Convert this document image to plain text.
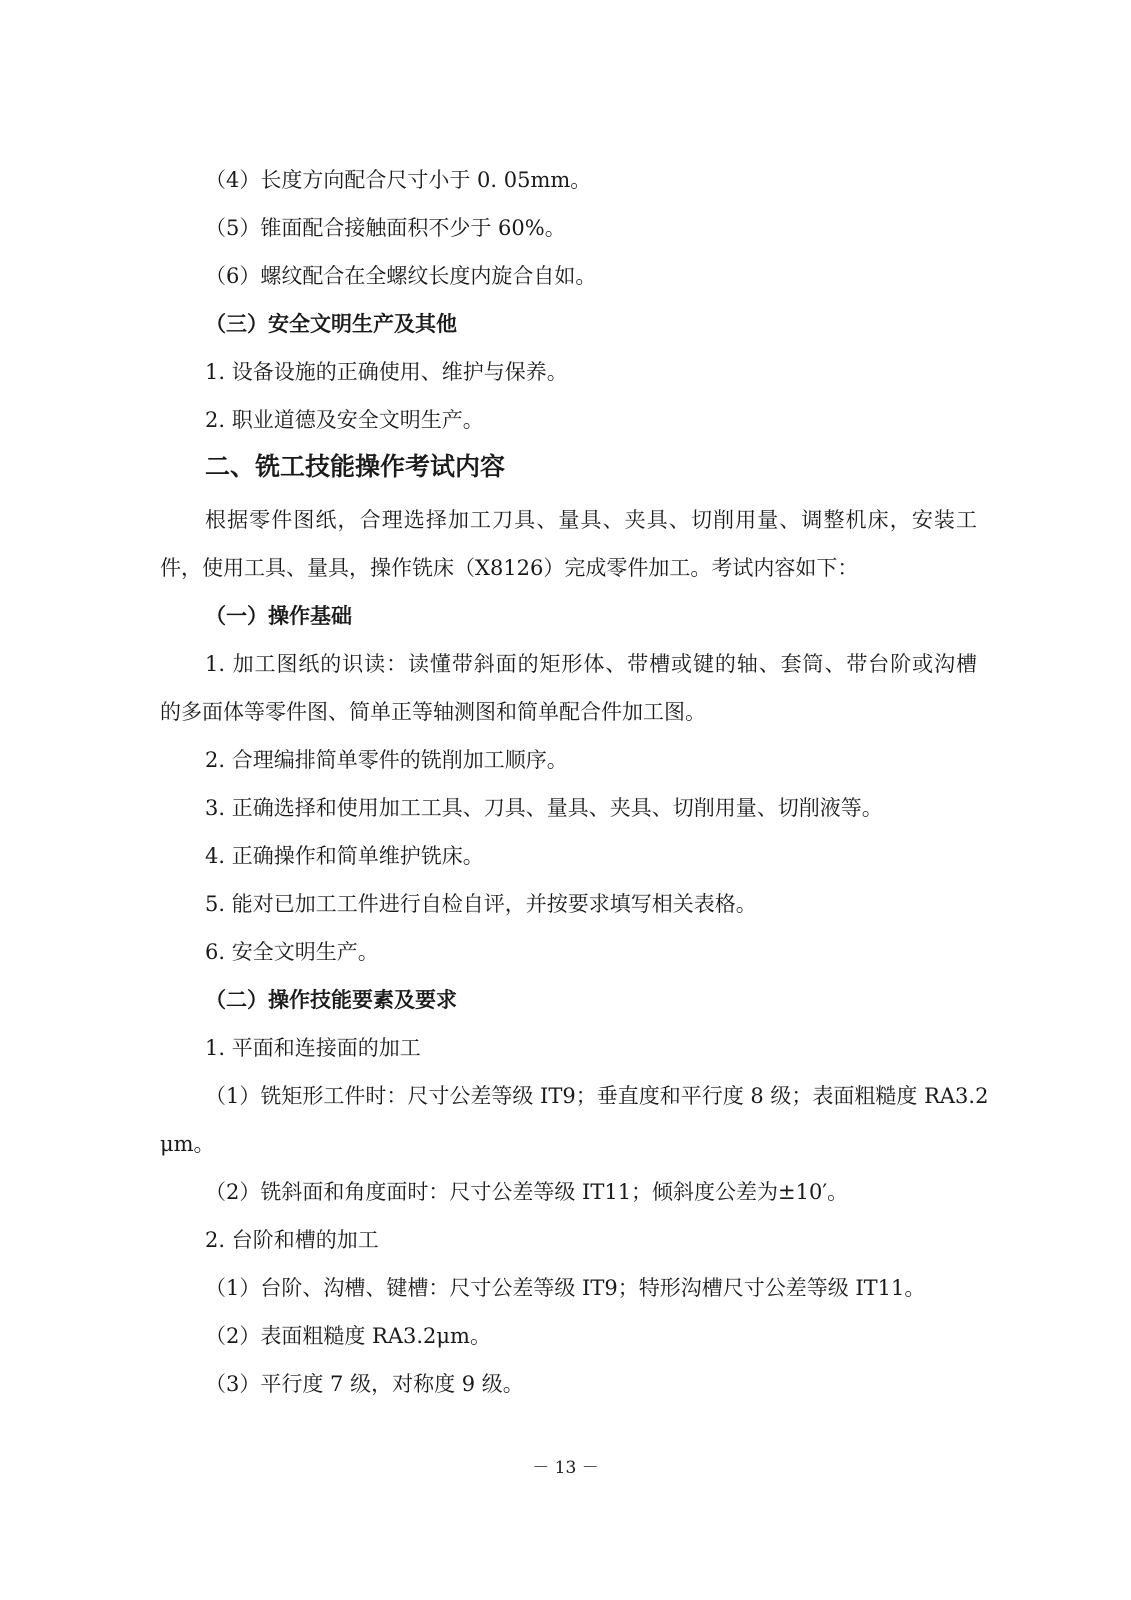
（4）长度方向配合尺寸小于 0. 05mm。
（5）锥面配合接触面积不少于 60%。
（6）螺纹配合在全螺纹长度内旋合自如。
（三）安全文明生产及其他
1. 设备设施的正确使用、维护与保养。
2. 职业道德及安全文明生产。
二、铣工技能操作考试内容
根据零件图纸，合理选择加工刀具、量具、夹具、切削用量、调整机床，安装工
件，使用工具、量具，操作铣床（X8126）完成零件加工。考试内容如下：
（一）操作基础
1. 加工图纸的识读：读懂带斜面的矩形体、带槽或键的轴、套筒、带台阶或沟槽
的多面体等零件图、简单正等轴测图和简单配合件加工图。
2. 合理编排简单零件的铣削加工顺序。
3. 正确选择和使用加工工具、刀具、量具、夹具、切削用量、切削液等。
4. 正确操作和简单维护铣床。
5. 能对已加工工件进行自检自评，并按要求填写相关表格。
6. 安全文明生产。
（二）操作技能要素及要求
1. 平面和连接面的加工
（1）铣矩形工件时：尺寸公差等级 IT9；垂直度和平行度 8 级；表面粗糙度 RA3.2
μm。
（2）铣斜面和角度面时：尺寸公差等级 IT11；倾斜度公差为±10′。
2. 台阶和槽的加工
（1）台阶、沟槽、键槽：尺寸公差等级 IT9；特形沟槽尺寸公差等级 IT11。
（2）表面粗糙度 RA3.2μm。
（3）平行度 7 级，对称度 9 级。
－ 13 －
